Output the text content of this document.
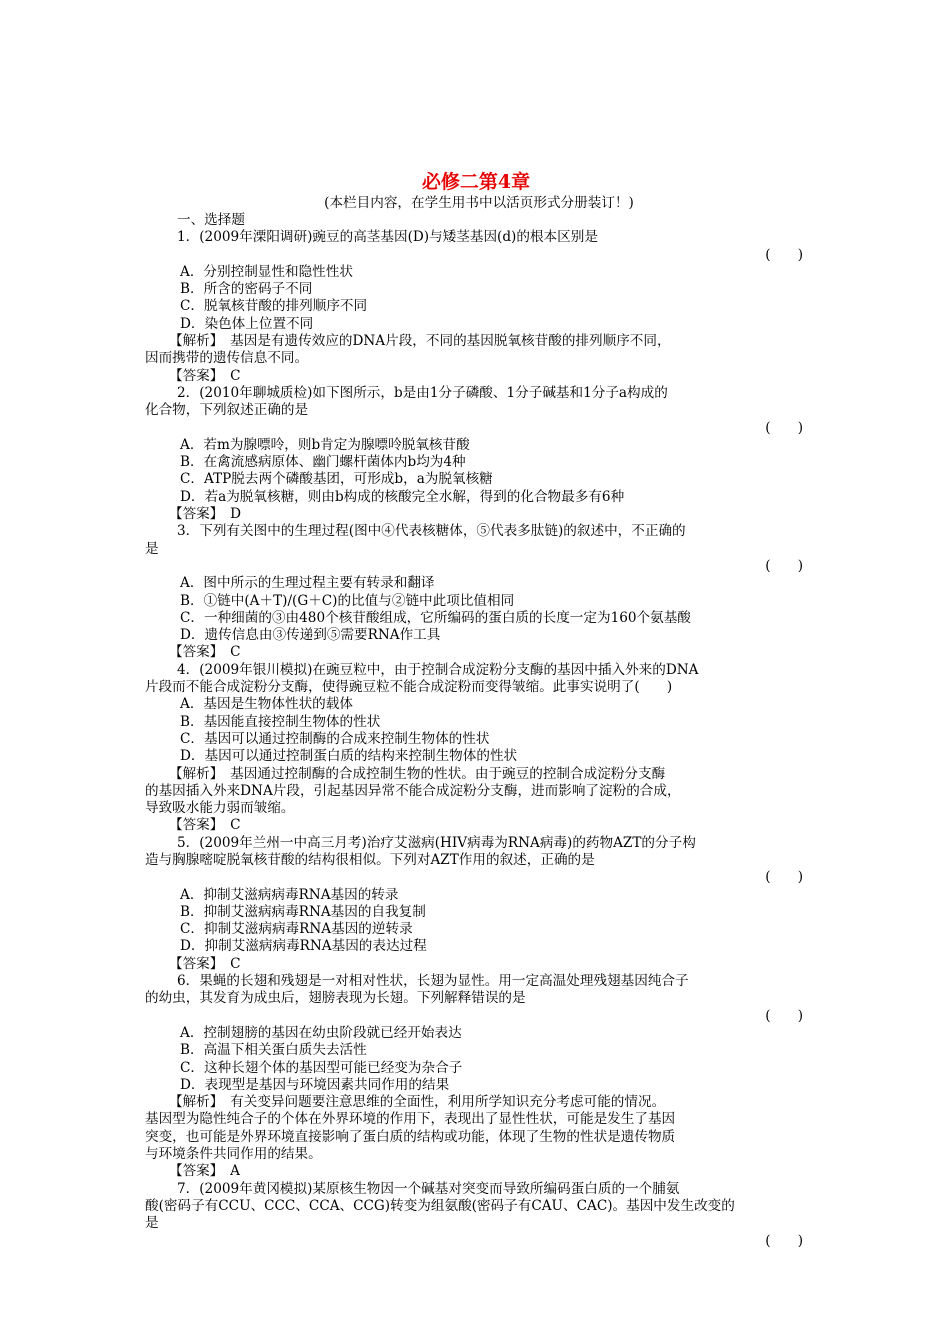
必修二第4章
(本栏目内容，在学生用书中以活页形式分册装订！)
一、选择题
1．(2009年溧阳调研)豌豆的高茎基因(D)与矮茎基因(d)的根本区别是
(　　)
A．分别控制显性和隐性性状
B．所含的密码子不同
C．脱氧核苷酸的排列顺序不同
D．染色体上位置不同
【解析】　基因是有遗传效应的DNA片段，不同的基因脱氧核苷酸的排列顺序不同，
因而携带的遗传信息不同。
【答案】　C
2．(2010年聊城质检)如下图所示，b是由1分子磷酸、1分子碱基和1分子a构成的
化合物，下列叙述正确的是
(　　)
A．若m为腺嘌呤，则b肯定为腺嘌呤脱氧核苷酸
B．在禽流感病原体、幽门螺杆菌体内b均为4种
C．ATP脱去两个磷酸基团，可形成b，a为脱氧核糖
D．若a为脱氧核糖，则由b构成的核酸完全水解，得到的化合物最多有6种
【答案】　D
3．下列有关图中的生理过程(图中④代表核糖体，⑤代表多肽链)的叙述中，不正确的
是
(　　)
A．图中所示的生理过程主要有转录和翻译
B．①链中(A＋T)/(G＋C)的比值与②链中此项比值相同
C．一种细菌的③由480个核苷酸组成，它所编码的蛋白质的长度一定为160个氨基酸
D．遗传信息由③传递到⑤需要RNA作工具
【答案】　C
4．(2009年银川模拟)在豌豆粒中，由于控制合成淀粉分支酶的基因中插入外来的DNA
片段而不能合成淀粉分支酶，使得豌豆粒不能合成淀粉而变得皱缩。此事实说明了(　　)
A．基因是生物体性状的载体
B．基因能直接控制生物体的性状
C．基因可以通过控制酶的合成来控制生物体的性状
D．基因可以通过控制蛋白质的结构来控制生物体的性状
【解析】　基因通过控制酶的合成控制生物的性状。由于豌豆的控制合成淀粉分支酶
的基因插入外来DNA片段，引起基因异常不能合成淀粉分支酶，进而影响了淀粉的合成，
导致吸水能力弱而皱缩。
【答案】　C
5．(2009年兰州一中高三月考)治疗艾滋病(HIV病毒为RNA病毒)的药物AZT的分子构
造与胸腺嘧啶脱氧核苷酸的结构很相似。下列对AZT作用的叙述，正确的是
(　　)
A．抑制艾滋病病毒RNA基因的转录
B．抑制艾滋病病毒RNA基因的自我复制
C．抑制艾滋病病毒RNA基因的逆转录
D．抑制艾滋病病毒RNA基因的表达过程
【答案】　C
6．果蝇的长翅和残翅是一对相对性状，长翅为显性。用一定高温处理残翅基因纯合子
的幼虫，其发育为成虫后，翅膀表现为长翅。下列解释错误的是
(　　)
A．控制翅膀的基因在幼虫阶段就已经开始表达
B．高温下相关蛋白质失去活性
C．这种长翅个体的基因型可能已经变为杂合子
D．表现型是基因与环境因素共同作用的结果
【解析】　有关变异问题要注意思维的全面性，利用所学知识充分考虑可能的情况。
基因型为隐性纯合子的个体在外界环境的作用下，表现出了显性性状，可能是发生了基因
突变，也可能是外界环境直接影响了蛋白质的结构或功能，体现了生物的性状是遗传物质
与环境条件共同作用的结果。
【答案】　A
7．(2009年黄冈模拟)某原核生物因一个碱基对突变而导致所编码蛋白质的一个脯氨
酸(密码子有CCU、CCC、CCA、CCG)转变为组氨酸(密码子有CAU、CAC)。基因中发生改变的
是
(　　)
